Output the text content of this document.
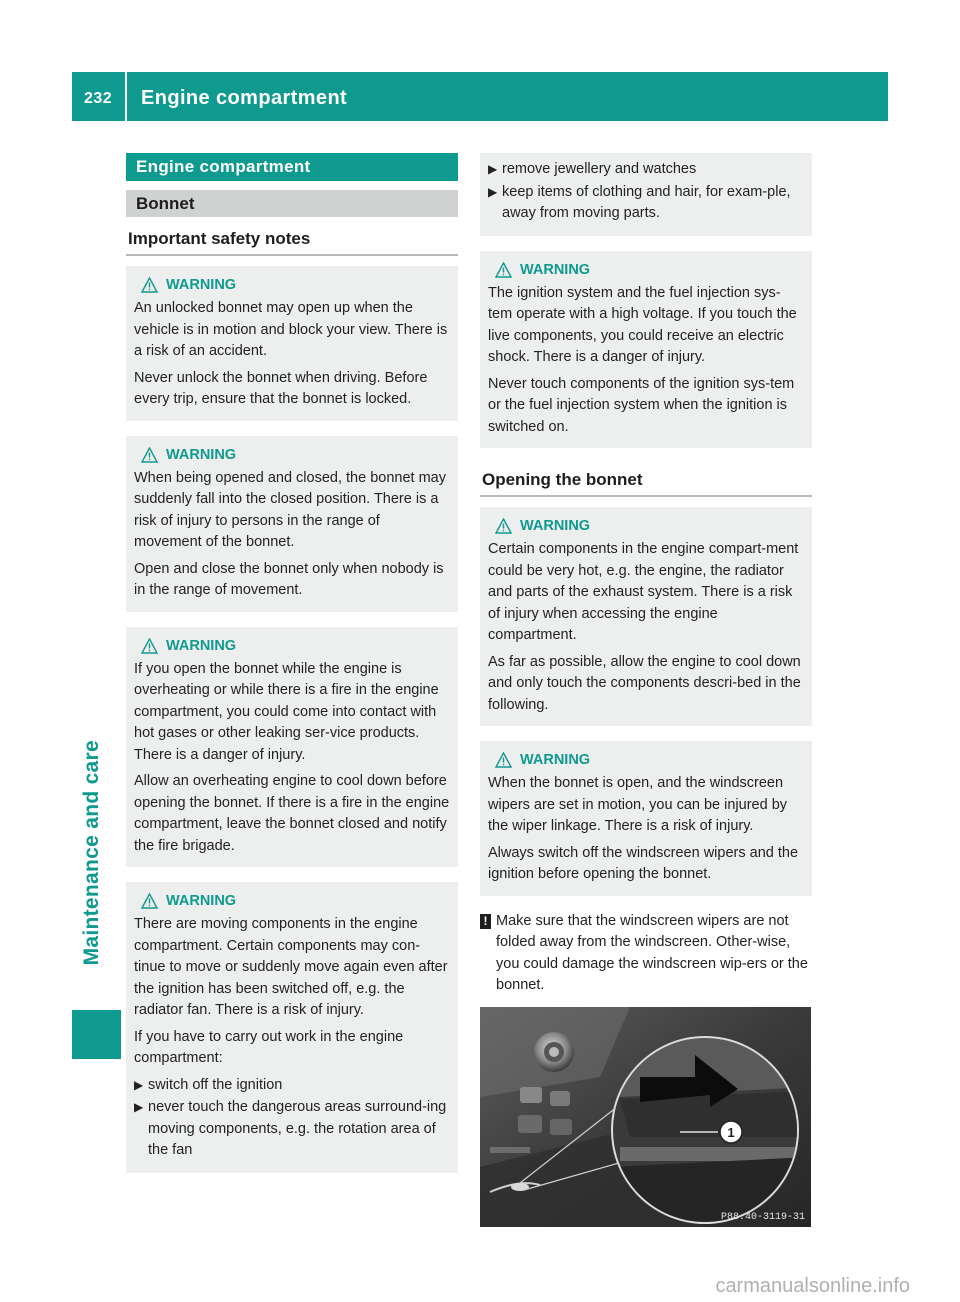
232 Engine compartment
Maintenance and care
Engine compartment
Bonnet
Important safety notes
WARNING

An unlocked bonnet may open up when the vehicle is in motion and block your view. There is a risk of an accident.

Never unlock the bonnet when driving. Before every trip, ensure that the bonnet is locked.

WARNING

When being opened and closed, the bonnet may suddenly fall into the closed position. There is a risk of injury to persons in the range of movement of the bonnet.

Open and close the bonnet only when nobody is in the range of movement.

WARNING

If you open the bonnet while the engine is overheating or while there is a fire in the engine compartment, you could come into contact with hot gases or other leaking ser-vice products. There is a danger of injury.

Allow an overheating engine to cool down before opening the bonnet. If there is a fire in the engine compartment, leave the bonnet closed and notify the fire brigade.

WARNING

There are moving components in the engine compartment. Certain components may con-tinue to move or suddenly move again even after the ignition has been switched off, e.g. the radiator fan. There is a risk of injury.

If you have to carry out work in the engine compartment:

▶ switch off the ignition
▶ never touch the dangerous areas surround-ing moving components, e.g. the rotation area of the fan
▶ remove jewellery and watches
▶ keep items of clothing and hair, for exam-ple, away from moving parts.
WARNING

The ignition system and the fuel injection sys-tem operate with a high voltage. If you touch the live components, you could receive an electric shock. There is a danger of injury.

Never touch components of the ignition sys-tem or the fuel injection system when the ignition is switched on.

Opening the bonnet
WARNING

Certain components in the engine compart-ment could be very hot, e.g. the engine, the radiator and parts of the exhaust system. There is a risk of injury when accessing the engine compartment.

As far as possible, allow the engine to cool down and only touch the components descri-bed in the following.

WARNING

When the bonnet is open, and the windscreen wipers are set in motion, you can be injured by the wiper linkage. There is a risk of injury.

Always switch off the windscreen wipers and the ignition before opening the bonnet.

! Make sure that the windscreen wipers are not folded away from the windscreen. Other-wise, you could damage the windscreen wip-ers or the bonnet.
1
P88.40-3119-31
carmanualsonline.info
